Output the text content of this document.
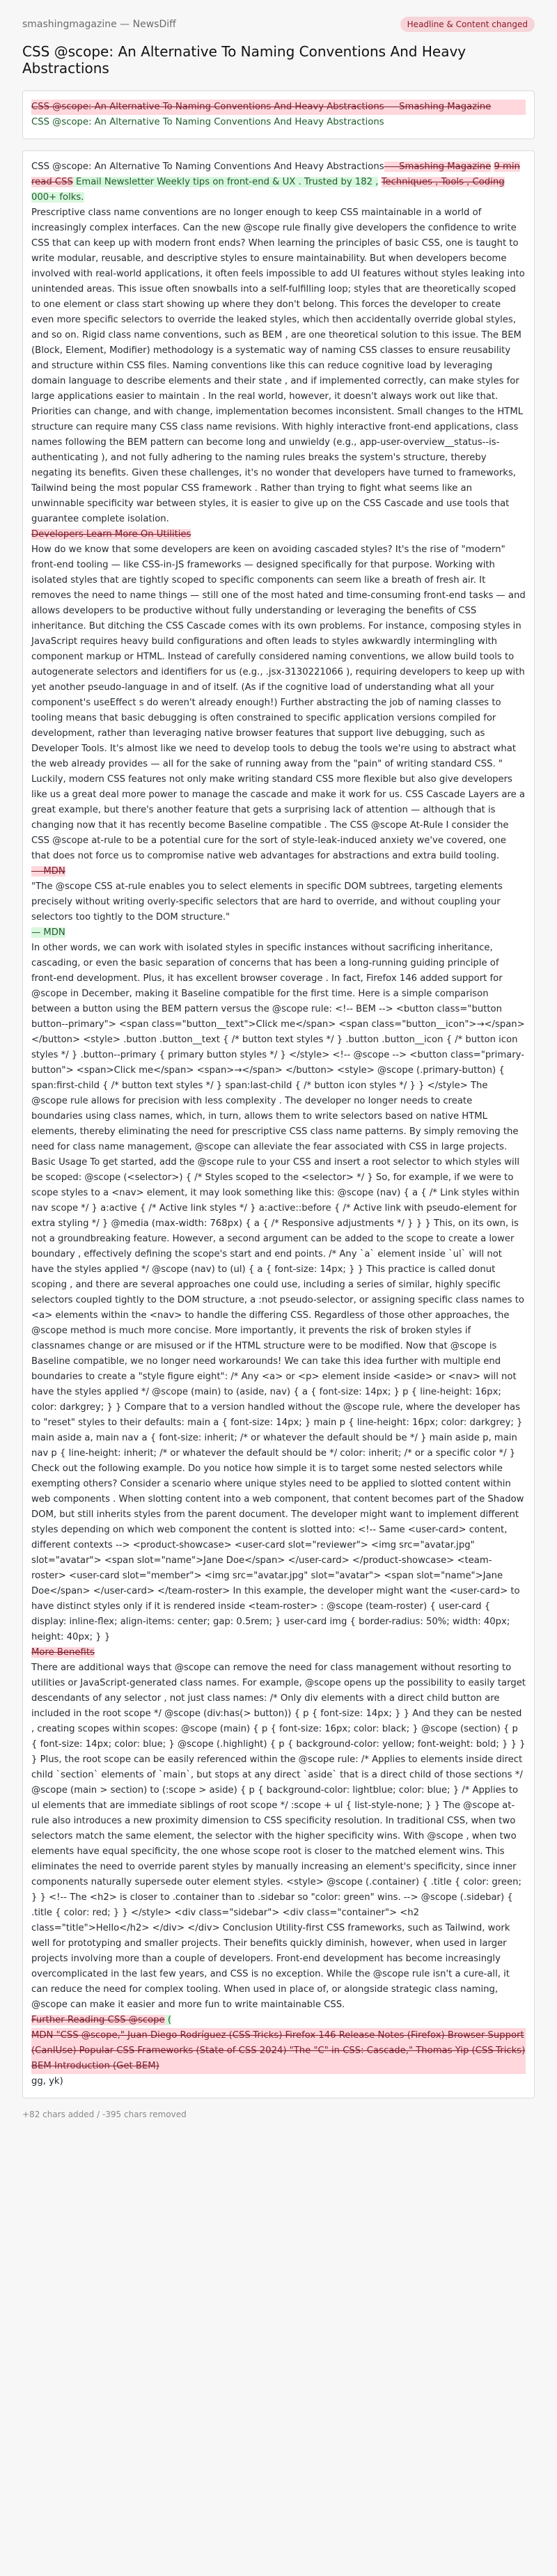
smashingmagazine — NewsDiff	Headline & Content changed
CSS @scope: An Alternative To Naming Conventions And Heavy Abstractions
CSS @scope: An Alternative To Naming Conventions And Heavy Abstractions — Smashing Magazine
CSS @scope: An Alternative To Naming Conventions And Heavy Abstractions
CSS @scope: An Alternative To Naming Conventions And Heavy Abstractions — Smashing Magazine 9 min read CSS Email Newsletter Weekly tips on front-end & UX . Trusted by 182 , Techniques , Tools , Coding 000+ folks.
Prescriptive class name conventions are no longer enough to keep CSS maintainable in a world of increasingly complex interfaces. Can the new @scope rule finally give developers the confidence to write CSS that can keep up with modern front ends? When learning the principles of basic CSS, one is taught to write modular, reusable, and descriptive styles to ensure maintainability. But when developers become involved with real-world applications, it often feels impossible to add UI features without styles leaking into unintended areas. This issue often snowballs into a self-fulfilling loop; styles that are theoretically scoped to one element or class start showing up where they don't belong. This forces the developer to create even more specific selectors to override the leaked styles, which then accidentally override global styles, and so on. Rigid class name conventions, such as BEM , are one theoretical solution to this issue. The BEM (Block, Element, Modifier) methodology is a systematic way of naming CSS classes to ensure reusability and structure within CSS files. Naming conventions like this can reduce cognitive load by leveraging domain language to describe elements and their state , and if implemented correctly, can make styles for large applications easier to maintain . In the real world, however, it doesn't always work out like that. Priorities can change, and with change, implementation becomes inconsistent. Small changes to the HTML structure can require many CSS class name revisions. With highly interactive front-end applications, class names following the BEM pattern can become long and unwieldy (e.g., app-user-overview__status--is-authenticating ), and not fully adhering to the naming rules breaks the system's structure, thereby negating its benefits. Given these challenges, it's no wonder that developers have turned to frameworks, Tailwind being the most popular CSS framework . Rather than trying to fight what seems like an unwinnable specificity war between styles, it is easier to give up on the CSS Cascade and use tools that guarantee complete isolation.
Developers Learn More On Utilities
How do we know that some developers are keen on avoiding cascaded styles? It's the rise of "modern" front-end tooling — like CSS-in-JS frameworks — designed specifically for that purpose. Working with isolated styles that are tightly scoped to specific components can seem like a breath of fresh air. It removes the need to name things — still one of the most hated and time-consuming front-end tasks — and allows developers to be productive without fully understanding or leveraging the benefits of CSS inheritance. But ditching the CSS Cascade comes with its own problems. For instance, composing styles in JavaScript requires heavy build configurations and often leads to styles awkwardly intermingling with component markup or HTML. Instead of carefully considered naming conventions, we allow build tools to autogenerate selectors and identifiers for us (e.g., .jsx-3130221066 ), requiring developers to keep up with yet another pseudo-language in and of itself. (As if the cognitive load of understanding what all your component's useEffect s do weren't already enough!) Further abstracting the job of naming classes to tooling means that basic debugging is often constrained to specific application versions compiled for development, rather than leveraging native browser features that support live debugging, such as Developer Tools. It's almost like we need to develop tools to debug the tools we're using to abstract what the web already provides — all for the sake of running away from the "pain" of writing standard CSS. " Luckily, modern CSS features not only make writing standard CSS more flexible but also give developers like us a great deal more power to manage the cascade and make it work for us. CSS Cascade Layers are a great example, but there's another feature that gets a surprising lack of attention — although that is changing now that it has recently become Baseline compatible . The CSS @scope At-Rule I consider the CSS @scope at-rule to be a potential cure for the sort of style-leak-induced anxiety we've covered, one that does not force us to compromise native web advantages for abstractions and extra build tooling.
— MDN
"The @scope CSS at-rule enables you to select elements in specific DOM subtrees, targeting elements precisely without writing overly-specific selectors that are hard to override, and without coupling your selectors too tightly to the DOM structure."
— MDN
In other words, we can work with isolated styles in specific instances without sacrificing inheritance, cascading, or even the basic separation of concerns that has been a long-running guiding principle of front-end development. Plus, it has excellent browser coverage . In fact, Firefox 146 added support for @scope in December, making it Baseline compatible for the first time. Here is a simple comparison between a button using the BEM pattern versus the @scope rule: <!-- BEM --> <button class="button button--primary"> <span class="button__text">Click me</span> <span class="button__icon">→</span> </button> <style> .button .button__text { /* button text styles */ } .button .button__icon { /* button icon styles */ } .button--primary { primary button styles */ } </style> <!-- @scope --> <button class="primary-button"> <span>Click me</span> <span>→</span> </button> <style> @scope (.primary-button) { span:first-child { /* button text styles */ } span:last-child { /* button icon styles */ } } </style> The @scope rule allows for precision with less complexity . The developer no longer needs to create boundaries using class names, which, in turn, allows them to write selectors based on native HTML elements, thereby eliminating the need for prescriptive CSS class name patterns. By simply removing the need for class name management, @scope can alleviate the fear associated with CSS in large projects. Basic Usage To get started, add the @scope rule to your CSS and insert a root selector to which styles will be scoped: @scope (<selector>) { /* Styles scoped to the <selector> */ } So, for example, if we were to scope styles to a <nav> element, it may look something like this: @scope (nav) { a { /* Link styles within nav scope */ } a:active { /* Active link styles */ } a:active::before { /* Active link with pseudo-element for extra styling */ } @media (max-width: 768px) { a { /* Responsive adjustments */ } } } This, on its own, is not a groundbreaking feature. However, a second argument can be added to the scope to create a lower boundary , effectively defining the scope's start and end points. /* Any `a` element inside `ul` will not have the styles applied */ @scope (nav) to (ul) { a { font-size: 14px; } } This practice is called donut scoping , and there are several approaches one could use, including a series of similar, highly specific selectors coupled tightly to the DOM structure, a :not pseudo-selector, or assigning specific class names to <a> elements within the <nav> to handle the differing CSS. Regardless of those other approaches, the @scope method is much more concise. More importantly, it prevents the risk of broken styles if classnames change or are misused or if the HTML structure were to be modified. Now that @scope is Baseline compatible, we no longer need workarounds! We can take this idea further with multiple end boundaries to create a "style figure eight": /* Any <a> or <p> element inside <aside> or <nav> will not have the styles applied */ @scope (main) to (aside, nav) { a { font-size: 14px; } p { line-height: 16px; color: darkgrey; } } Compare that to a version handled without the @scope rule, where the developer has to "reset" styles to their defaults: main a { font-size: 14px; } main p { line-height: 16px; color: darkgrey; } main aside a, main nav a { font-size: inherit; /* or whatever the default should be */ } main aside p, main nav p { line-height: inherit; /* or whatever the default should be */ color: inherit; /* or a specific color */ } Check out the following example. Do you notice how simple it is to target some nested selectors while exempting others? Consider a scenario where unique styles need to be applied to slotted content within web components . When slotting content into a web component, that content becomes part of the Shadow DOM, but still inherits styles from the parent document. The developer might want to implement different styles depending on which web component the content is slotted into: <!-- Same <user-card> content, different contexts --> <product-showcase> <user-card slot="reviewer"> <img src="avatar.jpg" slot="avatar"> <span slot="name">Jane Doe</span> </user-card> </product-showcase> <team-roster> <user-card slot="member"> <img src="avatar.jpg" slot="avatar"> <span slot="name">Jane Doe</span> </user-card> </team-roster> In this example, the developer might want the <user-card> to have distinct styles only if it is rendered inside <team-roster> : @scope (team-roster) { user-card { display: inline-flex; align-items: center; gap: 0.5rem; } user-card img { border-radius: 50%; width: 40px; height: 40px; } }
More Benefits
There are additional ways that @scope can remove the need for class management without resorting to utilities or JavaScript-generated class names. For example, @scope opens up the possibility to easily target descendants of any selector , not just class names: /* Only div elements with a direct child button are included in the root scope */ @scope (div:has(> button)) { p { font-size: 14px; } } And they can be nested , creating scopes within scopes: @scope (main) { p { font-size: 16px; color: black; } @scope (section) { p { font-size: 14px; color: blue; } @scope (.highlight) { p { background-color: yellow; font-weight: bold; } } } } Plus, the root scope can be easily referenced within the @scope rule: /* Applies to elements inside direct child `section` elements of `main`, but stops at any direct `aside` that is a direct child of those sections */ @scope (main > section) to (:scope > aside) { p { background-color: lightblue; color: blue; } /* Applies to ul elements that are immediate siblings of root scope */ :scope + ul { list-style-none; } } The @scope at-rule also introduces a new proximity dimension to CSS specificity resolution. In traditional CSS, when two selectors match the same element, the selector with the higher specificity wins. With @scope , when two elements have equal specificity, the one whose scope root is closer to the matched element wins. This eliminates the need to override parent styles by manually increasing an element's specificity, since inner components naturally supersede outer element styles. <style> @scope (.container) { .title { color: green; } } <!-- The <h2> is closer to .container than to .sidebar so "color: green" wins. --> @scope (.sidebar) { .title { color: red; } } </style> <div class="sidebar"> <div class="container"> <h2 class="title">Hello</h2> </div> </div> Conclusion Utility-first CSS frameworks, such as Tailwind, work well for prototyping and smaller projects. Their benefits quickly diminish, however, when used in larger projects involving more than a couple of developers. Front-end development has become increasingly overcomplicated in the last few years, and CSS is no exception. While the @scope rule isn't a cure-all, it can reduce the need for complex tooling. When used in place of, or alongside strategic class naming, @scope can make it easier and more fun to write maintainable CSS.
Further Reading CSS @scope (
MDN "CSS @scope," Juan Diego Rodríguez (CSS-Tricks) Firefox 146 Release Notes (Firefox) Browser Support (CanIUse) Popular CSS Frameworks (State of CSS 2024) "The "C" in CSS: Cascade," Thomas Yip (CSS-Tricks) BEM Introduction (Get BEM)
gg, yk)
+82 chars added / -395 chars removed
